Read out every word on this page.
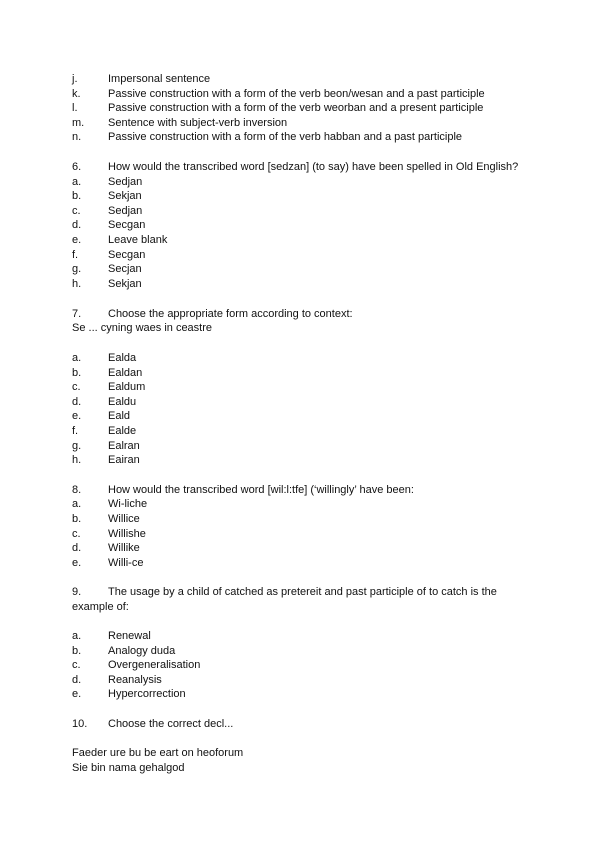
j.	Impersonal sentence
k. Passive construction with a form of the verb beon/wesan and a past participle
l.	Passive construction with a form of the verb weorban and a present participle
m. Sentence with subject-verb inversion
n. Passive construction with a form of the verb habban and a past participle
6. How would the transcribed word [sedzan] (to say) have been spelled in Old English?
a. Sedjan
b. Sekjan
c. Sedjan
d. Secgan
e. Leave blank
f.	Secgan
g. Secjan
h. Sekjan
7. Choose the appropriate form according to context:
Se ... cyning waes in ceastre
a. Ealda
b. Ealdan
c. Ealdum
d. Ealdu
e. Eald
f.	Ealde
g. Ealran
h. Eairan
8. How would the transcribed word [wil:l:tfe] (‘willingly’ have been:
a. Wi-liche
b. Willice
c. Willishe
d. Willike
e. Willi-ce
9. The usage by a child of catched as pretereit and past participle of to catch is the
example of:
a. Renewal
b. Analogy duda
c. Overgeneralisation
d. Reanalysis
e. Hypercorrection
10. Choose the correct decl...
Faeder ure bu be eart on heoforum
Sie bin nama gehalgod
